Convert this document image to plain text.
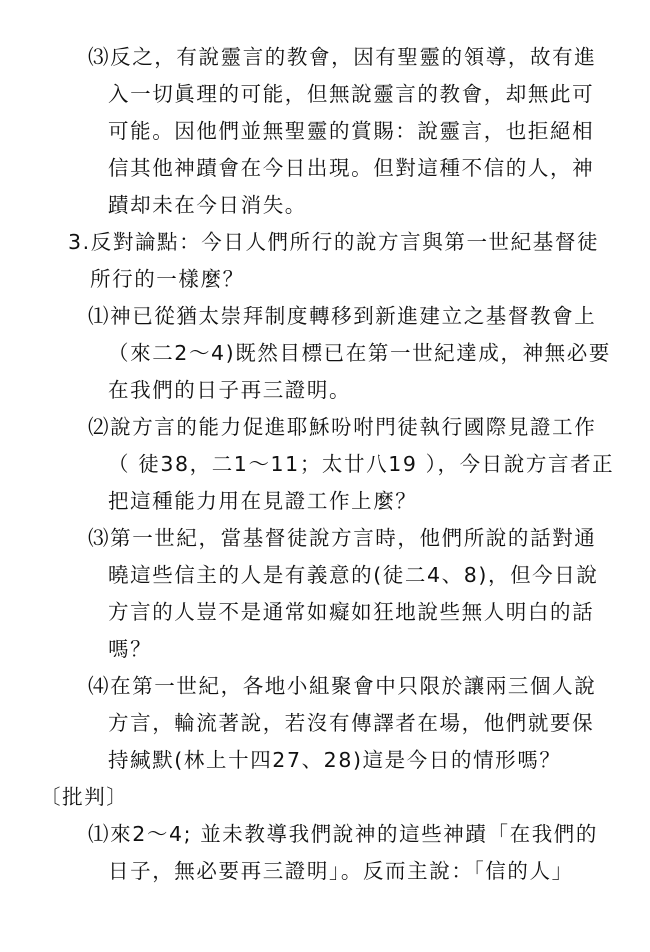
⑶反之，有說靈言的教會，因有聖靈的領導，故有進
入一切眞理的可能，但無說靈言的教會，却無此可
可能。因他們並無聖靈的賞賜：說靈言，也拒絕相
信其他神蹟會在今日出現。但對這種不信的人，神
蹟却未在今日消失。
3.反對論點：今日人們所行的說方言與第一世紀基督徒
所行的一樣麼？
⑴神已從猶太崇拜制度轉移到新進建立之基督教會上
（來二2～4)既然目標已在第一世紀達成，神無必要
在我們的日子再三證明。
⑵說方言的能力促進耶穌吩咐門徒執行國際見證工作
（ 徒38，二1～11；太廿八19 ），今日說方言者正
把這種能力用在見證工作上麼？
⑶第一世紀，當基督徒說方言時，他們所說的話對通
曉這些信主的人是有義意的(徒二4、8)，但今日說
方言的人豈不是通常如癡如狂地說些無人明白的話
嗎？
⑷在第一世紀，各地小組聚會中只限於讓兩三個人說
方言，輪流著說，若沒有傳譯者在場，他們就要保
持緘默(林上十四27、28)這是今日的情形嗎？
〔批判〕
⑴來2～4; 並未教導我們說神的這些神蹟「在我們的
日子，無必要再三證明」。反而主說：「信的人」
